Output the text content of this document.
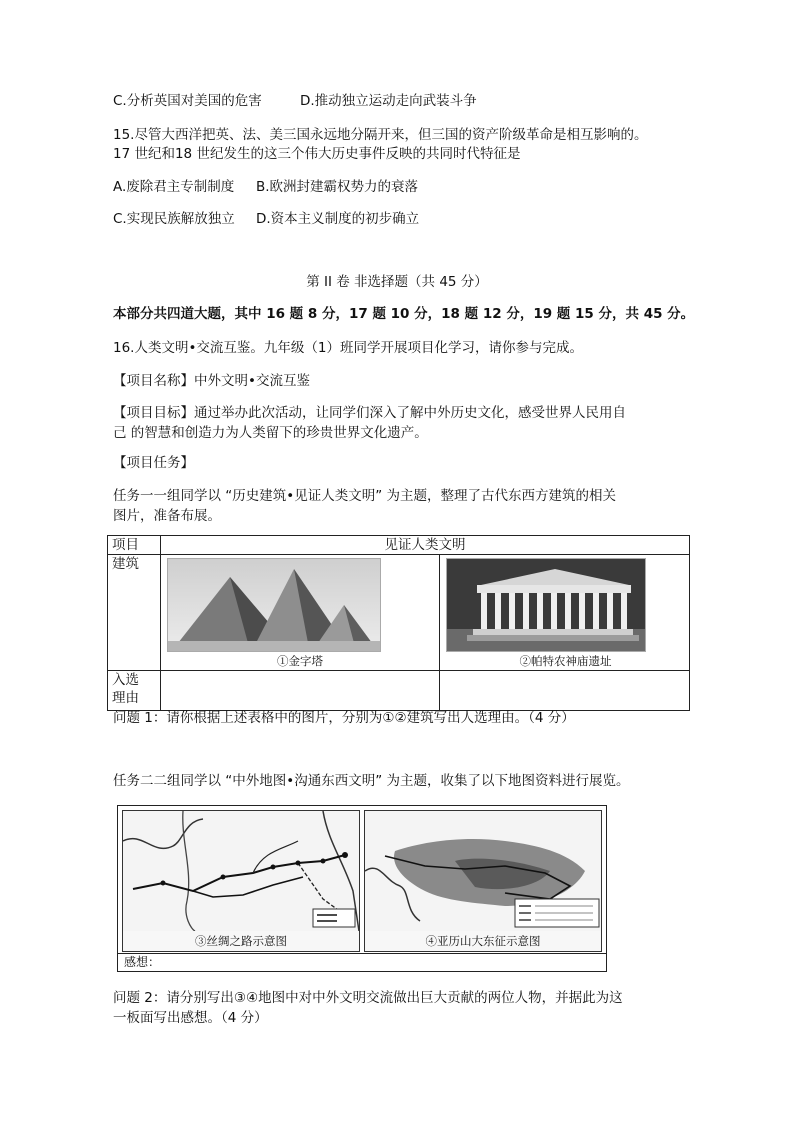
C.分析英国对美国的危害	D.推动独立运动走向武装斗争
15.尽管大西洋把英、法、美三国永远地分隔开来，但三国的资产阶级革命是相互影响的。
17 世纪和18 世纪发生的这三个伟大历史事件反映的共同时代特征是
A.废除君主专制制度 B.欧洲封建霸权势力的衰落
C.实现民族解放独立 D.资本主义制度的初步确立
第 II 卷 非选择题（共 45 分）
本部分共四道大题，其中 16 题 8 分，17 题 10 分，18 题 12 分，19 题 15 分，共 45 分。
16.人类文明•交流互鉴。九年级（1）班同学开展项目化学习，请你参与完成。
【项目名称】中外文明•交流互鉴
【项目目标】通过举办此次活动，让同学们深入了解中外历史文化，感受世界人民用自
己 的智慧和创造力为人类留下的珍贵世界文化遗产。
【项目任务】
任务一一组同学以 “历史建筑•见证人类文明” 为主题，整理了古代东西方建筑的相关
图片，准备布展。
项目	见证人类文明	
建筑	①金字塔	②帕特农神庙遗址

入选
理由		

问题 1：请你根据上述表格中的图片，分别为①②建筑写出人选理由。（4 分）
任务二二组同学以 “中外地图•沟通东西文明” 为主题，收集了以下地图资料进行展览。
③丝绸之路示意图	④亚历山大东征示意图
感想：
问题 2：请分别写出③④地图中对中外文明交流做出巨大贡献的两位人物，并据此为这
一板面写出感想。（4 分）
